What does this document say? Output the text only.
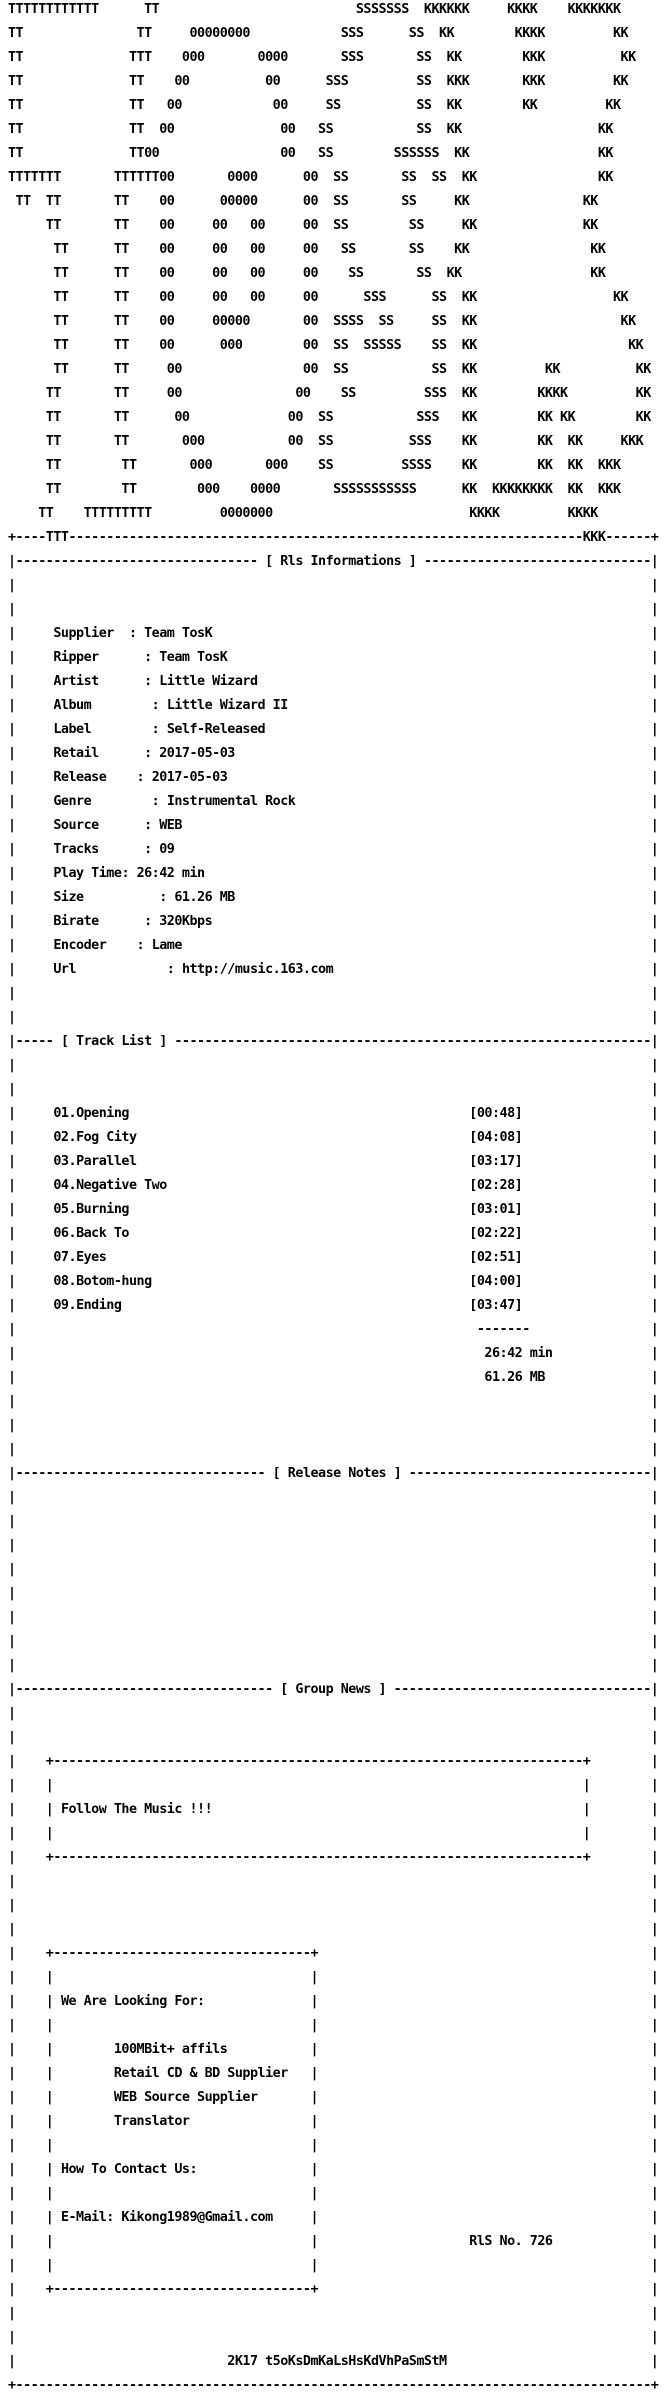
TTTTTTTTTTTT      TT                          SSSSSSS  KKKKKK     KKKK    KKKKKKK

TT               TT     00000000            SSS      SS  KK        KKKK         KK

TT              TTT    000       0000       SSS       SS  KK        KKK          KK

TT              TT    00          00      SSS         SS  KKK       KKK         KK

TT              TT   00            00     SS          SS  KK        KK         KK

TT              TT  00              00   SS           SS  KK                  KK

TT              TT00                00   SS        SSSSSS  KK                 KK

TTTTTTT       TTTTTT00       0000      00  SS       SS  SS  KK                KK

TT  TT       TT    00      00000      00  SS       SS     KK               KK

TT       TT    00     00   00     00  SS        SS     KK              KK

TT      TT    00     00   00     00   SS       SS    KK                KK

TT      TT    00     00   00     00    SS       SS  KK                 KK

TT      TT    00     00   00     00      SSS      SS  KK                  KK

TT      TT    00     00000       00  SSSS  SS     SS  KK                   KK

TT      TT    00      000        00  SS  SSSSS    SS  KK                    KK

TT      TT     00                00  SS           SS  KK         KK          KK

TT       TT     00               00    SS         SSS  KK        KKKK         KK

TT       TT      00             00  SS           SSS   KK        KK KK        KK

TT       TT       000           00  SS          SSS    KK        KK  KK     KKK

TT        TT       000       000    SS         SSSS    KK        KK  KK  KKK

TT        TT        000    0000       SSSSSSSSSSS      KK  KKKKKKKK  KK  KKK

TT    TTTTTTTTT         0000000                          KKKK         KKKK

+----TTT--------------------------------------------------------------------KKK------+

|-------------------------------- [ Rls Informations ] ------------------------------|

|                                                                                    |

|                                                                                    |

|	Supplier  : Team TosK                                                          |

|	Ripper      : Team TosK                                                        |

|	Artist      : Little Wizard                                                    |

|	Album        : Little Wizard II                                                |

|	Label        : Self-Released                                                   |

|	Retail      : 2017-05-03                                                       |

|	Release    : 2017-05-03                                                        |

|	Genre        : Instrumental Rock                                               |

|	Source      : WEB                                                              |

|	Tracks      : 09                                                               |

|	Play Time: 26:42 min                                                           |

|	Size          : 61.26 MB                                                       |

|	Birate      : 320Kbps                                                          |

|	Encoder    : Lame                                                              |

|	Url            : http://music.163.com                                          |

|                                                                                    |

|                                                                                    |

|----- [ Track List ] ---------------------------------------------------------------|

|                                                                                    |

|                                                                                    |

|	01.Opening                                             [00:48]                 |

|	02.Fog City                                            [04:08]                 |

|	03.Parallel                                            [03:17]                 |

|	04.Negative Two                                        [02:28]                 |

|	05.Burning                                             [03:01]                 |

|	06.Back To                                             [02:22]                 |

|	07.Eyes                                                [02:51]                 |

|	08.Botom-hung                                          [04:00]                 |

|	09.Ending                                              [03:47]                 |

|                                                             -------                |

|	26:42 min             |

|	61.26 MB              |

|                                                                                    |

|                                                                                    |

|                                                                                    |

|--------------------------------- [ Release Notes ] --------------------------------|

|                                                                                    |

|                                                                                    |

|                                                                                    |

|                                                                                    |

|                                                                                    |

|                                                                                    |

|                                                                                    |

|                                                                                    |

|---------------------------------- [ Group News ] ----------------------------------|

|                                                                                    |

|                                                                                    |

|    +----------------------------------------------------------------------+        |

|    |                                                                      |        |

|    | Follow The Music !!!                                                 |        |

|    |                                                                      |        |

|    +----------------------------------------------------------------------+        |

|                                                                                    |

|                                                                                    |

|                                                                                    |

|    +----------------------------------+                                            |

|    |                                  |                                            |

|    | We Are Looking For:              |                                            |

|    |                                  |                                            |

|    |	100MBit+ affils           |                                            |

|    |	Retail CD & BD Supplier   |                                            |

|    |	WEB Source Supplier       |                                            |

|    |	Translator                |                                            |

|    |                                  |                                            |

|    | How To Contact Us:               |                                            |

|    |                                  |                                            |

|    | E-Mail: Kikong1989@Gmail.com     |                                            |

|    |                                  |                    RlS No. 726             |

|    |                                  |                                            |

|    +----------------------------------+                                            |

|                                                                                    |

|                                                                                    |

|	2K17 t5oKsDmKaLsHsKdVhPaSmStM                           |

+------------------------------------------------------------------------------------+
